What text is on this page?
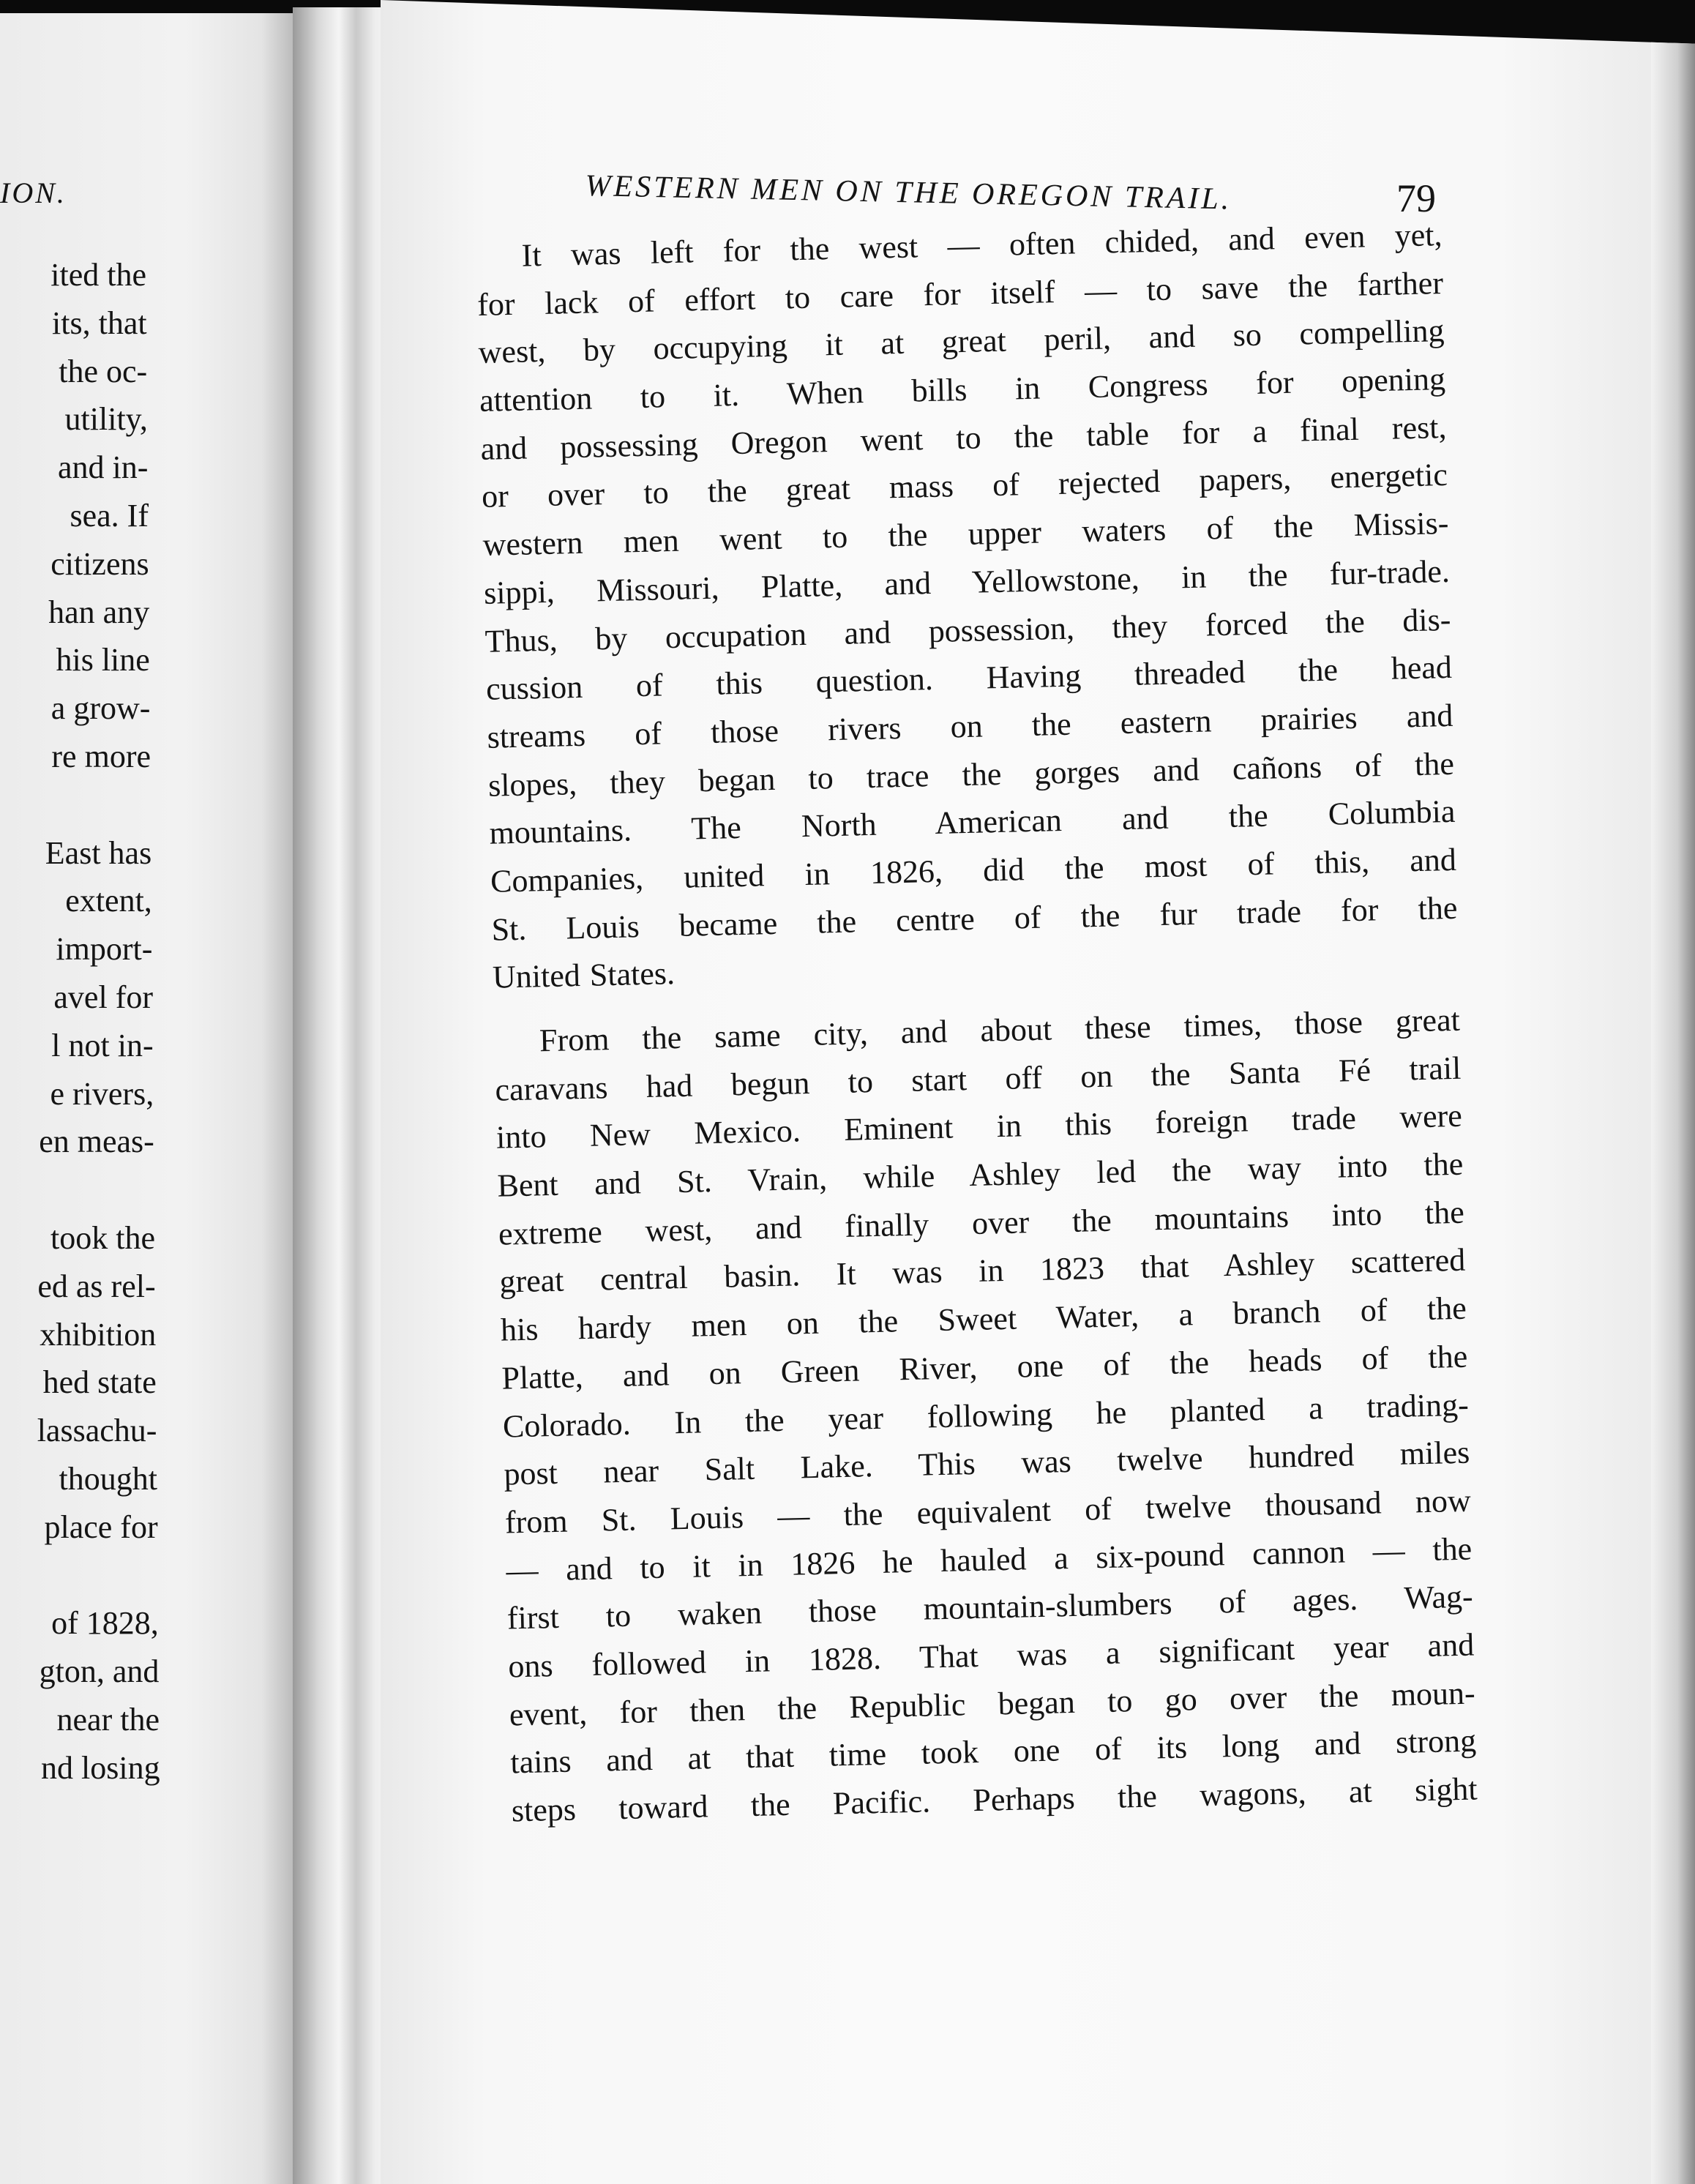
ION.
ited the
its, that
the oc-
utility,
and in-
sea. If
citizens
han any
his line
a grow-
re more
East has
extent,
import-
avel for
l not in-
e rivers,
en meas-
took the
ed as rel-
xhibition
hed state
lassachu-
thought
place for
of 1828,
gton, and
near the
nd losing
WESTERN MEN ON THE OREGON TRAIL.	79
It was left for the west — often chided, and even yet,
for lack of effort to care for itself — to save the farther
west, by occupying it at great peril, and so compelling
attention to it. When bills in Congress for opening
and possessing Oregon went to the table for a final rest,
or over to the great mass of rejected papers, energetic
western men went to the upper waters of the Missis-
sippi, Missouri, Platte, and Yellowstone, in the fur-trade.
Thus, by occupation and possession, they forced the dis-
cussion of this question. Having threaded the head
streams of those rivers on the eastern prairies and
slopes, they began to trace the gorges and cañons of the
mountains. The North American and the Columbia
Companies, united in 1826, did the most of this, and
St. Louis became the centre of the fur trade for the
United States.
From the same city, and about these times, those great
caravans had begun to start off on the Santa Fé trail
into New Mexico. Eminent in this foreign trade were
Bent and St. Vrain, while Ashley led the way into the
extreme west, and finally over the mountains into the
great central basin. It was in 1823 that Ashley scattered
his hardy men on the Sweet Water, a branch of the
Platte, and on Green River, one of the heads of the
Colorado. In the year following he planted a trading-
post near Salt Lake. This was twelve hundred miles
from St. Louis — the equivalent of twelve thousand now
— and to it in 1826 he hauled a six-pound cannon — the
first to waken those mountain-slumbers of ages. Wag-
ons followed in 1828. That was a significant year and
event, for then the Republic began to go over the moun-
tains and at that time took one of its long and strong
steps toward the Pacific. Perhaps the wagons, at sight
